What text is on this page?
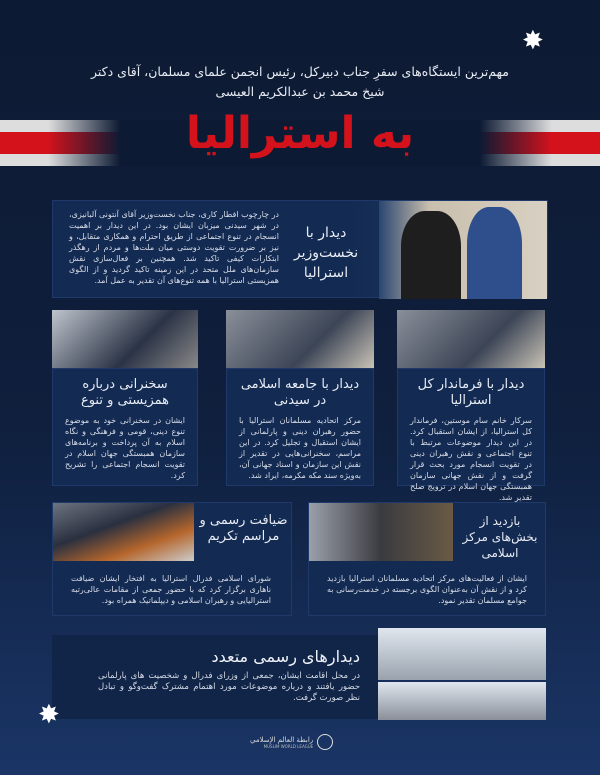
✸
مهم‌ترین ایستگاه‌های سفرِ جناب دبیرکل، رئیس انجمن علمای مسلمان، آقای دکتر شیخ محمد بن عبدالکریم العیسی
به استرالیا
در چارچوب افطار کاری، جناب نخست‌وزیر آقای آنتونی آلبانیزی، در شهر سیدنی میزبان ایشان بود. در این دیدار بر اهمیت انسجام در تنوع اجتماعی از طریق احترام و همکاری متقابل، و نیز بر ضرورت تقویت دوستی میان ملت‌ها و مردم از رهگذر ابتکارات کیفی تاکید شد. همچنین بر فعال‌سازی نقش سازمان‌های ملل متحد در این زمینه تاکید گردید و از الگوی همزیستی استرالیا با همه تنوع‌های آن تقدیر به عمل آمد.
دیدار با نخست‌وزیر استرالیا
دیدار با فرماندار کل استرالیا
سرکار خانم سام موستین، فرماندار کل استرالیا، از ایشان استقبال کرد. در این دیدار موضوعات مرتبط با تنوع اجتماعی و نقش رهبران دینی در تقویت انسجام مورد بحث قرار گرفت و از نقش جهانی سازمان همبستگی جهان اسلام در ترویج صلح تقدیر شد.
دیدار با جامعه اسلامی در سیدنی
مرکز اتحادیه مسلمانان استرالیا با حضور رهبران دینی و پارلمانی از ایشان استقبال و تجلیل کرد. در این مراسم، سخنرانی‌هایی در تقدیر از نقش این سازمان و اسناد جهانی آن، به‌ویژه سند مکه مکرمه، ایراد شد.
سخنرانی درباره همزیستی و تنوع
ایشان در سخنرانی خود به موضوع تنوع دینی، قومی و فرهنگی و نگاه اسلام به آن پرداخت و برنامه‌های سازمان همبستگی جهان اسلام در تقویت انسجام اجتماعی را تشریح کرد.
بازدید از بخش‌های مرکز اسلامی
ایشان از فعالیت‌های مرکز اتحادیه مسلمانان استرالیا بازدید کرد و از نقش آن به‌عنوان الگوی برجسته در خدمت‌رسانی به جوامع مسلمان تقدیر نمود.
ضیافت رسمی و مراسم تکریم
شورای اسلامی فدرال استرالیا به افتخار ایشان ضیافت ناهاری برگزار کرد که با حضور جمعی از مقامات عالی‌رتبه استرالیایی و رهبران اسلامی و دیپلماتیک همراه بود.
دیدارهای رسمی متعدد
در محل اقامت ایشان، جمعی از وزرای فدرال و شخصیت های پارلمانی حضور یافتند و درباره موضوعات مورد اهتمام مشترک گفت‌وگو و تبادل نظر صورت گرفت.
✸
رابطة العالم الإسلامي
MUSLIM WORLD LEAGUE
